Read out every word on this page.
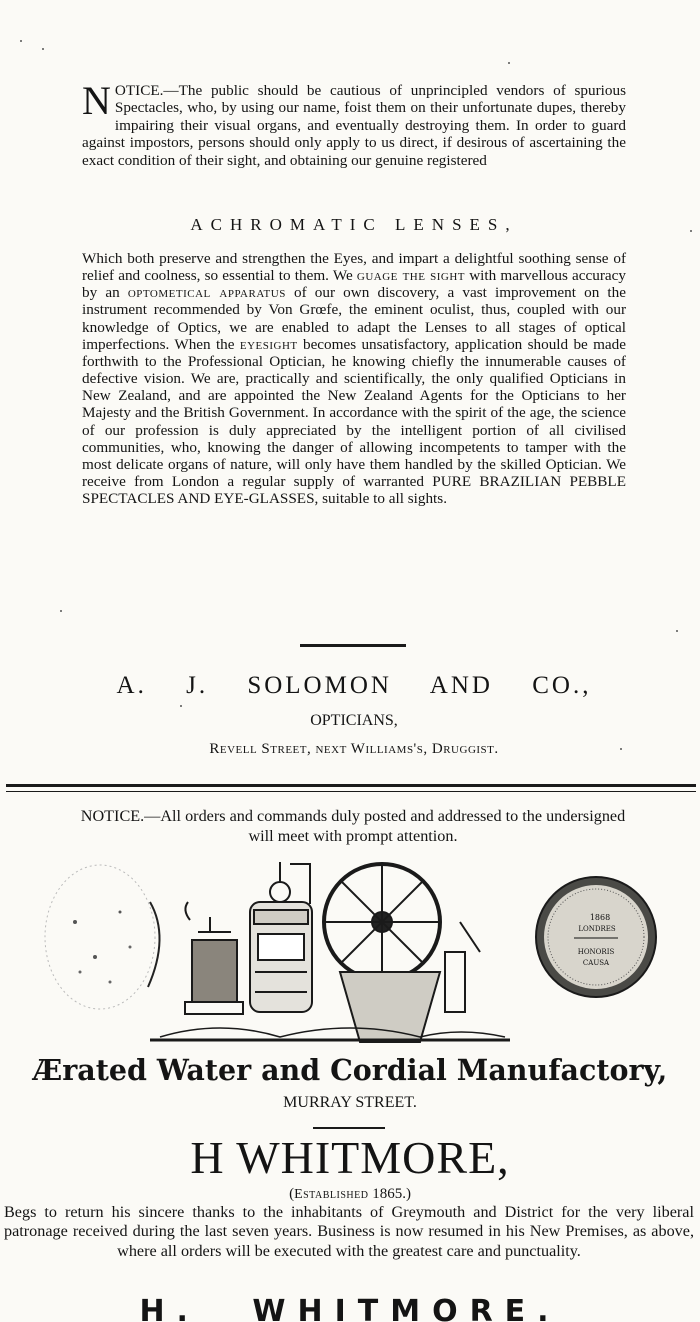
NOTICE.—The public should be cautious of unprincipled vendors of spurious Spectacles, who, by using our name, foist them on their unfortunate dupes, thereby impairing their visual organs, and eventually destroying them. In order to guard against impostors, persons should only apply to us direct, if desirous of ascertaining the exact condition of their sight, and obtaining our genuine registered
ACHROMATIC LENSES,
Which both preserve and strengthen the Eyes, and impart a delightful soothing sense of relief and coolness, so essential to them. We guage the sight with marvellous accuracy by an optometical apparatus of our own discovery, a vast improvement on the instrument recommended by Von Grœfe, the eminent oculist, thus, coupled with our knowledge of Optics, we are enabled to adapt the Lenses to all stages of optical imperfections. When the eyesight becomes unsatisfactory, application should be made forthwith to the Professional Optician, he knowing chiefly the innumerable causes of defective vision. We are, practically and scientifically, the only qualified Opticians in New Zealand, and are appointed the New Zealand Agents for the Opticians to her Majesty and the British Government. In accordance with the spirit of the age, the science of our profession is duly appreciated by the intelligent portion of all civilised communities, who, knowing the danger of allowing incompetents to tamper with the most delicate organs of nature, will only have them handled by the skilled Optician. We receive from London a regular supply of warranted PURE BRAZILIAN PEBBLE SPECTACLES AND EYE-GLASSES, suitable to all sights.
A. J. SOLOMON AND CO.,
OPTICIANS,
Revell Street, next Williams's, Druggist.
NOTICE.—All orders and commands duly posted and addressed to the undersigned
will meet with prompt attention.
1868
LONDRES
HONORIS
CAUSA
Ærated Water and Cordial Manufactory,
MURRAY STREET.
H WHITMORE,
(Established 1865.)
Begs to return his sincere thanks to the inhabitants of Greymouth and District for the very liberal patronage received during the last seven years. Business is now resumed in his New Premises, as above, where all orders will be executed with the greatest care and punctuality.
H. WHITMORE.
